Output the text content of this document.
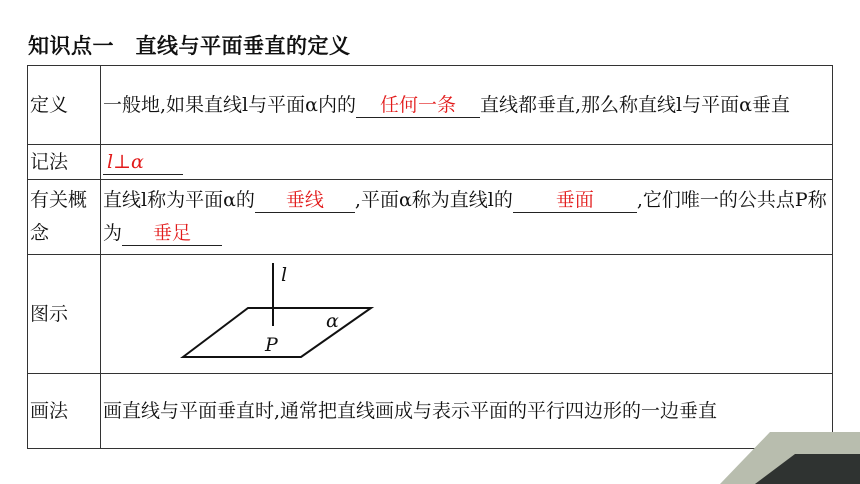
知识点一　直线与平面垂直的定义
定义	一般地,如果直线l与平面α内的 任何一条 直线都垂直,那么称直线l与平面α垂直
记法	l⊥α
有关概念	直线l称为平面α的 垂线 ,平面α称为直线l的 垂面 ,它们唯一的公共点P称为 垂足
图示	l
α
P

画法	画直线与平面垂直时,通常把直线画成与表示平面的平行四边形的一边垂直
